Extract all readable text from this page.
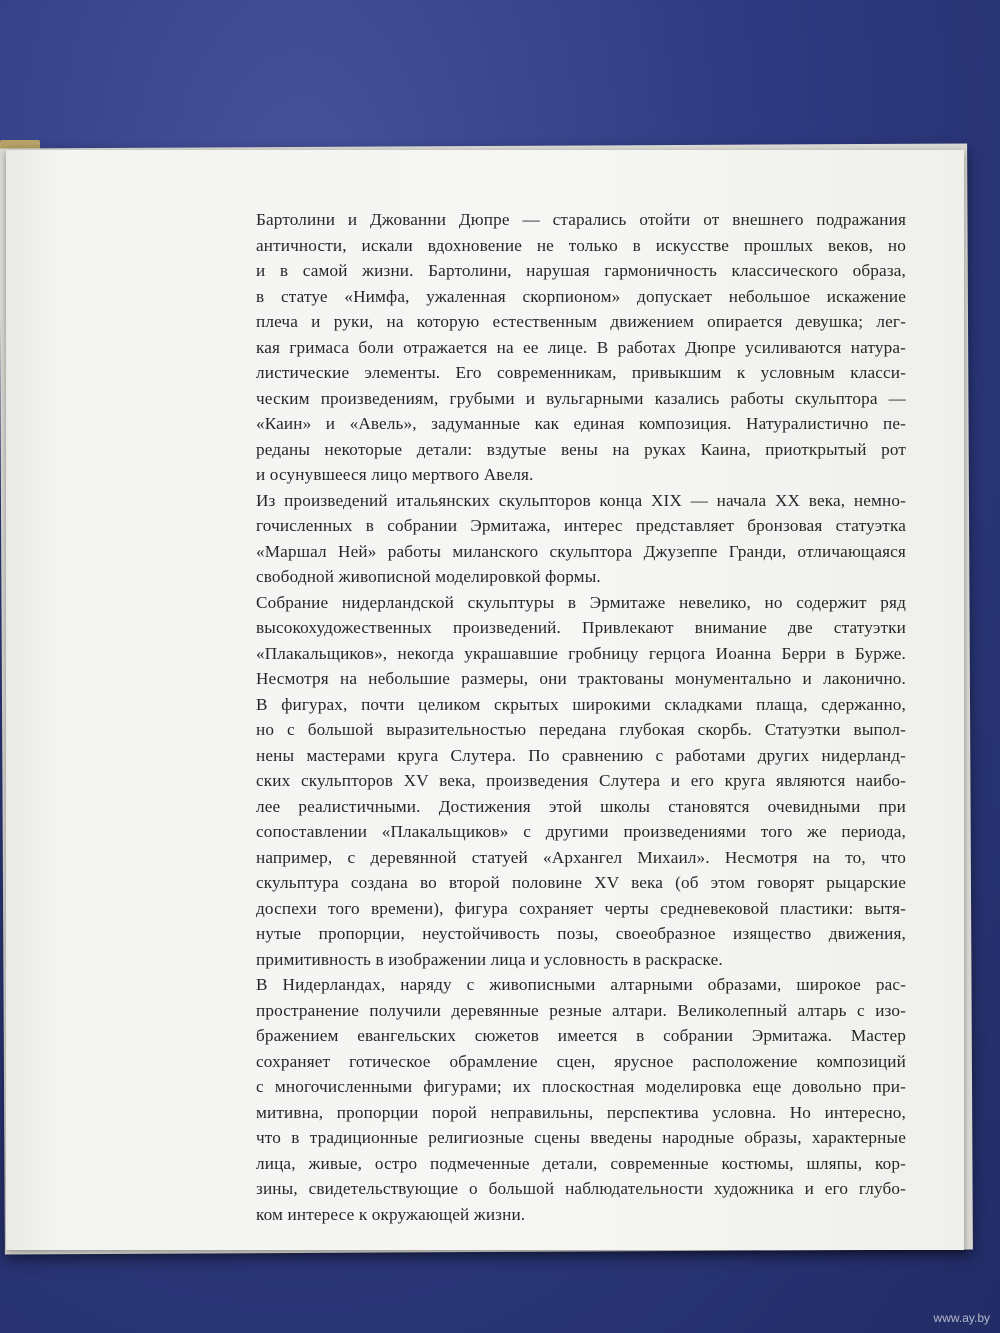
Бартолини и Джованни Дюпре — старались отойти от внешнего подражания
античности, искали вдохновение не только в искусстве прошлых веков, но
и в самой жизни. Бартолини, нарушая гармоничность классического образа,
в статуе «Нимфа, ужаленная скорпионом» допускает небольшое искажение
плеча и руки, на которую естественным движением опирается девушка; лег-
кая гримаса боли отражается на ее лице. В работах Дюпре усиливаются натура-
листические элементы. Его современникам, привыкшим к условным класси-
ческим произведениям, грубыми и вульгарными казались работы скульптора —
«Каин» и «Авель», задуманные как единая композиция. Натуралистично пе-
реданы некоторые детали: вздутые вены на руках Каина, приоткрытый рот
и осунувшееся лицо мертвого Авеля.
Из произведений итальянских скульпторов конца XIX — начала XX века, немно-
гочисленных в собрании Эрмитажа, интерес представляет бронзовая статуэтка
«Маршал Ней» работы миланского скульптора Джузеппе Гранди, отличающаяся
свободной живописной моделировкой формы.
Собрание нидерландской скульптуры в Эрмитаже невелико, но содержит ряд
высокохудожественных произведений. Привлекают внимание две статуэтки
«Плакальщиков», некогда украшавшие гробницу герцога Иоанна Берри в Бурже.
Несмотря на небольшие размеры, они трактованы монументально и лаконично.
В фигурах, почти целиком скрытых широкими складками плаща, сдержанно,
но с большой выразительностью передана глубокая скорбь. Статуэтки выпол-
нены мастерами круга Слутера. По сравнению с работами других нидерланд-
ских скульпторов XV века, произведения Слутера и его круга являются наибо-
лее реалистичными. Достижения этой школы становятся очевидными при
сопоставлении «Плакальщиков» с другими произведениями того же периода,
например, с деревянной статуей «Архангел Михаил». Несмотря на то, что
скульптура создана во второй половине XV века (об этом говорят рыцарские
доспехи того времени), фигура сохраняет черты средневековой пластики: вытя-
нутые пропорции, неустойчивость позы, своеобразное изящество движения,
примитивность в изображении лица и условность в раскраске.
В Нидерландах, наряду с живописными алтарными образами, широкое рас-
пространение получили деревянные резные алтари. Великолепный алтарь с изо-
бражением евангельских сюжетов имеется в собрании Эрмитажа. Мастер
сохраняет готическое обрамление сцен, ярусное расположение композиций
с многочисленными фигурами; их плоскостная моделировка еще довольно при-
митивна, пропорции порой неправильны, перспектива условна. Но интересно,
что в традиционные религиозные сцены введены народные образы, характерные
лица, живые, остро подмеченные детали, современные костюмы, шляпы, кор-
зины, свидетельствующие о большой наблюдательности художника и его глубо-
ком интересе к окружающей жизни.
www.ay.by
